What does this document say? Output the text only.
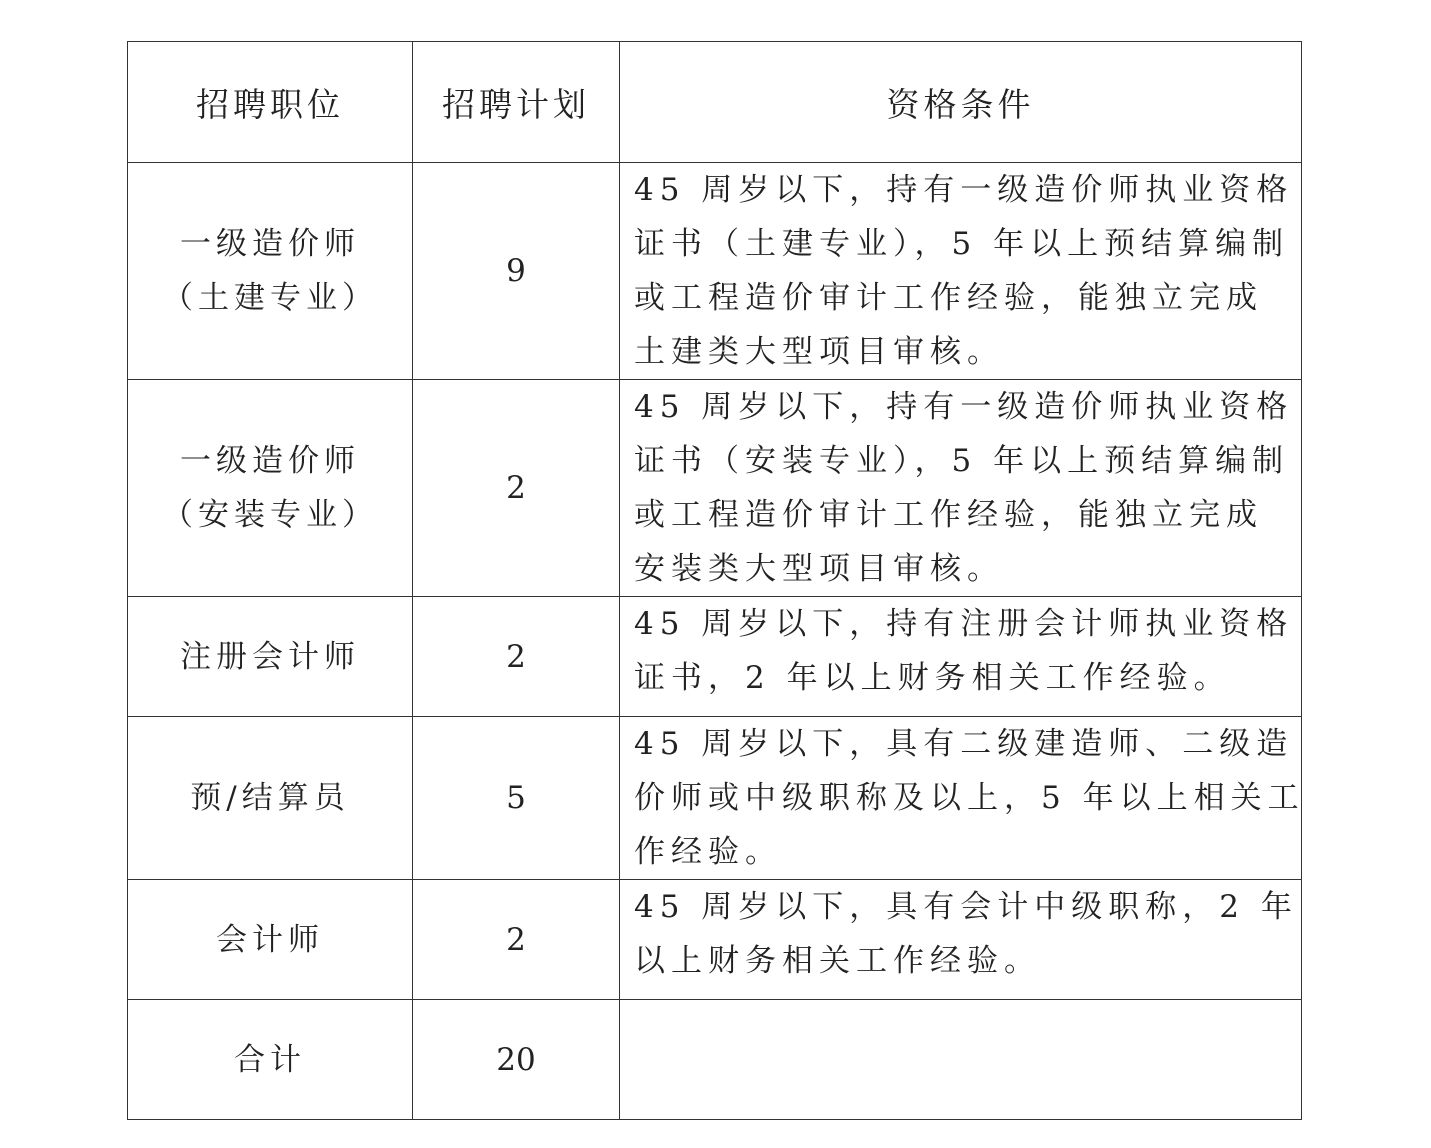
招聘职位	招聘计划	资格条件

一级造价师
（土建专业）	9	45 周岁以下，持有一级造价师执业资格
证书（土建专业），5 年以上预结算编制
或工程造价审计工作经验，能独立完成
土建类大型项目审核。

一级造价师
（安装专业）	2	45 周岁以下，持有一级造价师执业资格
证书（安装专业），5 年以上预结算编制
或工程造价审计工作经验，能独立完成
安装类大型项目审核。

注册会计师	2	45 周岁以下，持有注册会计师执业资格
证书，2 年以上财务相关工作经验。

预/结算员	5	45 周岁以下，具有二级建造师、二级造
价师或中级职称及以上，5 年以上相关工
作经验。

会计师	2	45 周岁以下，具有会计中级职称，2 年
以上财务相关工作经验。

合计	20	
